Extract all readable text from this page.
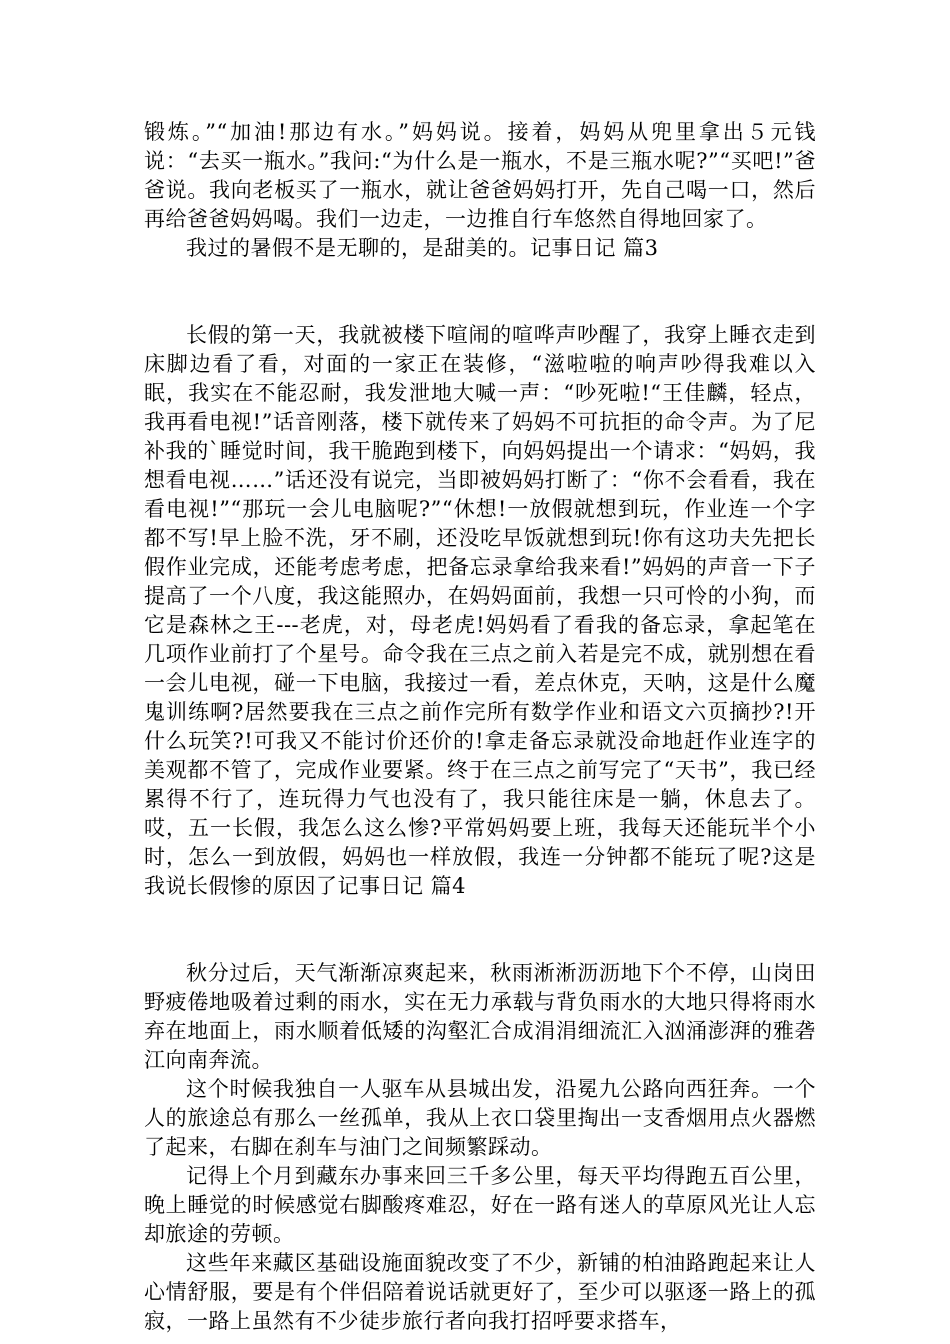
锻炼。”“加油!那边有水。”妈妈说。接着，妈妈从兜里拿出５元钱说：“去买一瓶水。”我问:“为什么是一瓶水，不是三瓶水呢?”“买吧!”爸爸说。我向老板买了一瓶水，就让爸爸妈妈打开，先自己喝一口，然后再给爸爸妈妈喝。我们一边走，一边推自行车悠然自得地回家了。

我过的暑假不是无聊的，是甜美的。记事日记 篇3

长假的第一天，我就被楼下喧闹的喧哗声吵醒了，我穿上睡衣走到床脚边看了看，对面的一家正在装修，“滋啦啦的响声吵得我难以入眠，我实在不能忍耐，我发泄地大喊一声：“吵死啦!“王佳麟，轻点，我再看电视!”话音刚落，楼下就传来了妈妈不可抗拒的命令声。为了尼补我的`睡觉时间，我干脆跑到楼下，向妈妈提出一个请求：“妈妈，我想看电视……”话还没有说完，当即被妈妈打断了：“你不会看看，我在看电视!”“那玩一会儿电脑呢?”“休想!一放假就想到玩，作业连一个字都不写!早上脸不洗，牙不刷，还没吃早饭就想到玩!你有这功夫先把长假作业完成，还能考虑考虑，把备忘录拿给我来看!”妈妈的声音一下子提高了一个八度，我这能照办，在妈妈面前，我想一只可怜的小狗，而它是森林之王---老虎，对，母老虎!妈妈看了看我的备忘录，拿起笔在几项作业前打了个星号。命令我在三点之前入若是完不成，就别想在看一会儿电视，碰一下电脑，我接过一看，差点休克，天呐，这是什么魔鬼训练啊?居然要我在三点之前作完所有数学作业和语文六页摘抄?!开什么玩笑?!可我又不能讨价还价的!拿走备忘录就没命地赶作业连字的美观都不管了，完成作业要紧。终于在三点之前写完了“天书”，我已经累得不行了，连玩得力气也没有了，我只能往床是一躺，休息去了。哎，五一长假，我怎么这么惨?平常妈妈要上班，我每天还能玩半个小时，怎么一到放假，妈妈也一样放假，我连一分钟都不能玩了呢?这是我说长假惨的原因了记事日记 篇4

秋分过后，天气渐渐凉爽起来，秋雨淅淅沥沥地下个不停，山岗田野疲倦地吸着过剩的雨水，实在无力承载与背负雨水的大地只得将雨水弃在地面上，雨水顺着低矮的沟壑汇合成涓涓细流汇入汹涌澎湃的雅砻江向南奔流。

这个时候我独自一人驱车从县城出发，沿冕九公路向西狂奔。一个人的旅途总有那么一丝孤单，我从上衣口袋里掏出一支香烟用点火器燃了起来，右脚在刹车与油门之间频繁踩动。

记得上个月到藏东办事来回三千多公里，每天平均得跑五百公里，晚上睡觉的时候感觉右脚酸疼难忍，好在一路有迷人的草原风光让人忘却旅途的劳顿。

这些年来藏区基础设施面貌改变了不少，新铺的柏油路跑起来让人心情舒服，要是有个伴侣陪着说话就更好了，至少可以驱逐一路上的孤寂，一路上虽然有不少徒步旅行者向我打招呼要求搭车，
